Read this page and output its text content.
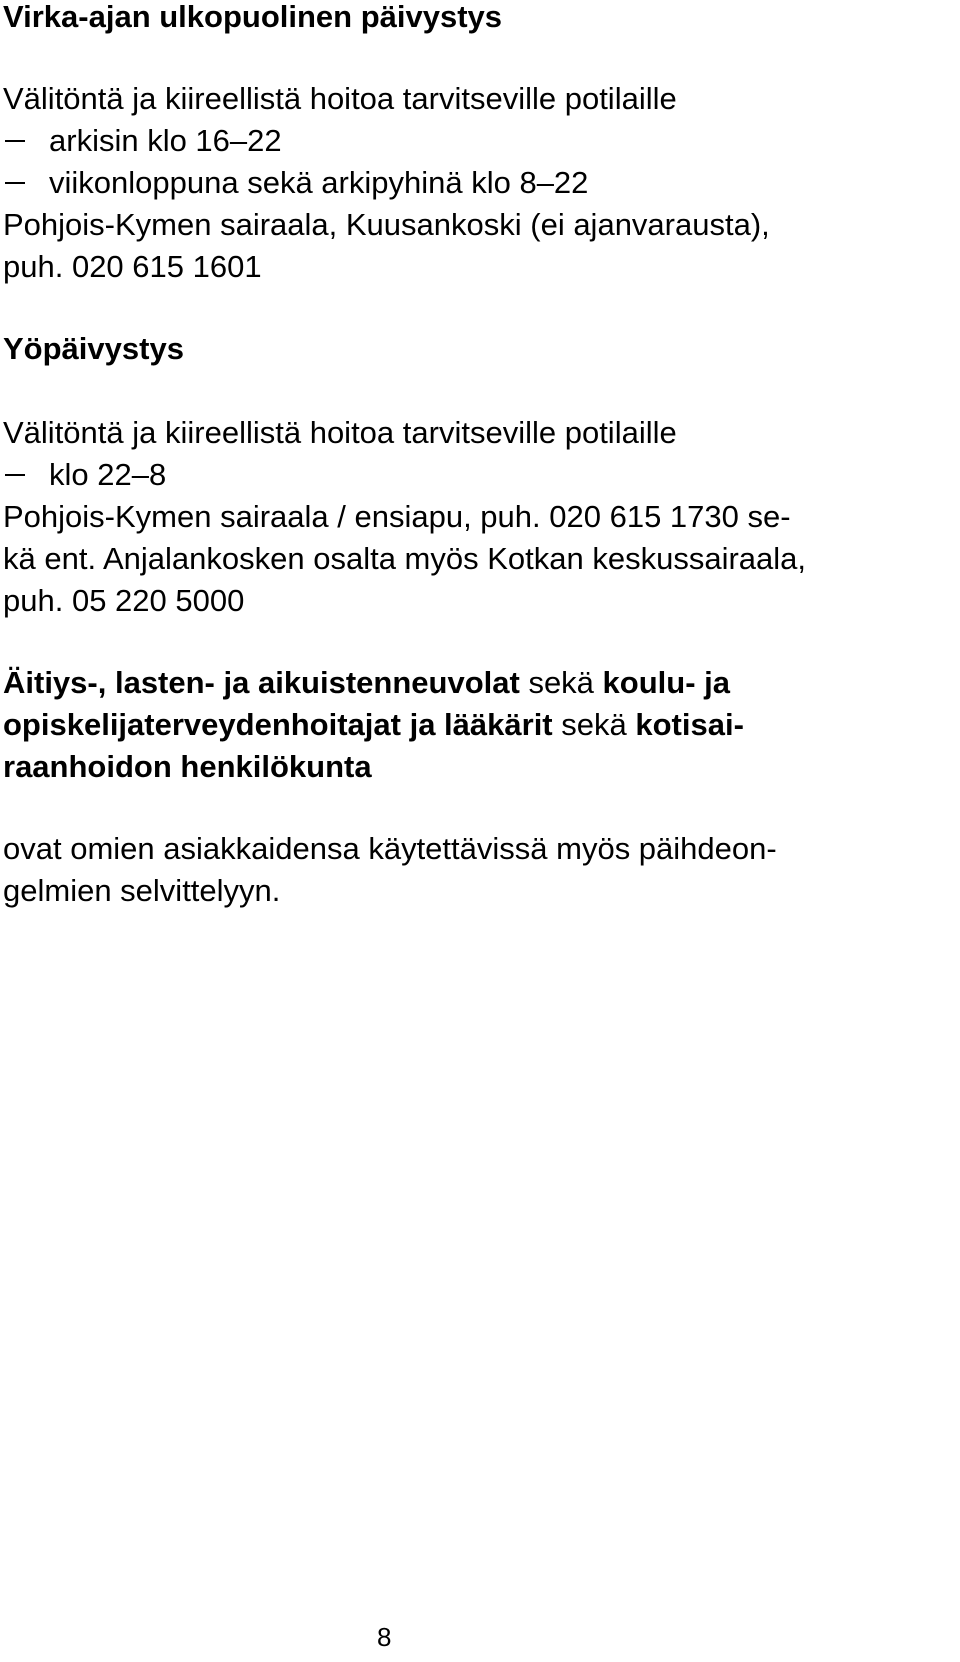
Virka-ajan ulkopuolinen päivystys
Välitöntä ja kiireellistä hoitoa tarvitseville potilaille
arkisin klo 16–22
viikonloppuna sekä arkipyhinä klo 8–22
Pohjois-Kymen sairaala, Kuusankoski (ei ajanvarausta),
puh. 020 615 1601
Yöpäivystys
Välitöntä ja kiireellistä hoitoa tarvitseville potilaille
klo 22–8
Pohjois-Kymen sairaala / ensiapu, puh. 020 615 1730 se-
kä ent. Anjalankosken osalta myös Kotkan keskussairaala,
puh. 05 220 5000
Äitiys-, lasten- ja aikuistenneuvolat sekä koulu- ja
opiskelijaterveydenhoitajat ja lääkärit sekä kotisai-
raanhoidon henkilökunta
ovat omien asiakkaidensa käytettävissä myös päihdeon-
gelmien selvittelyyn.
8
